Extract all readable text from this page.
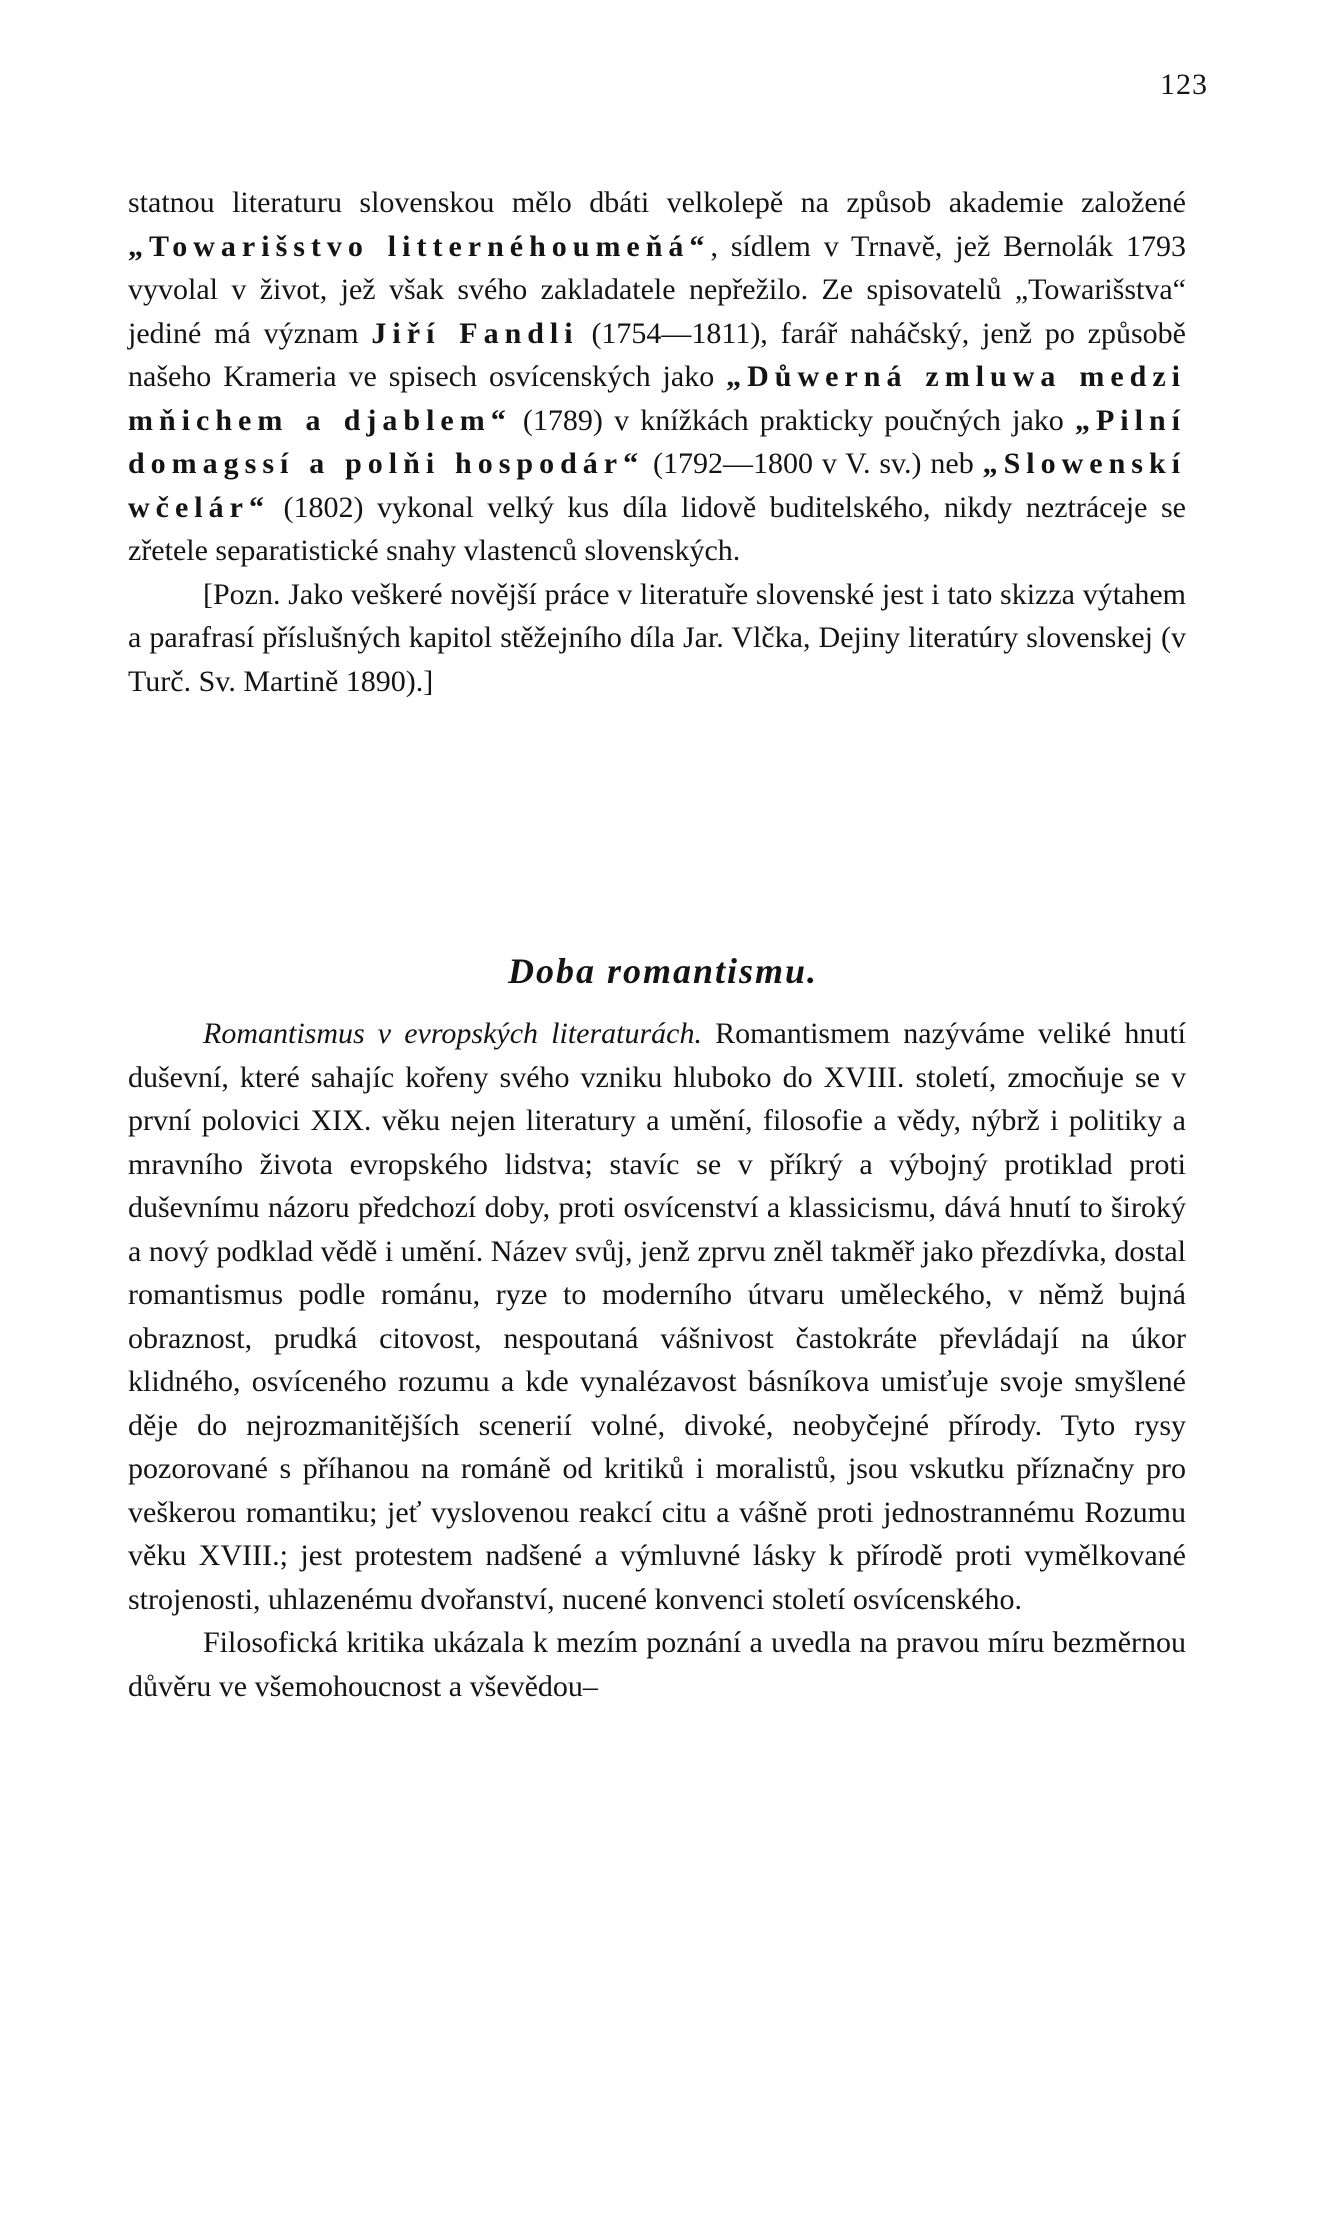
123

statnou literaturu slovenskou mělo dbáti velkolepě na způsob akademie založené „Towarišstvo litternéhoumeňá“, sídlem v Trnavě, jež Bernolák 1793 vyvolal v život, jež však svého zakladatele nepřežilo. Ze spisovatelů „Towarišstva“ jediné má význam Jiří Fandli (1754—1811), farář naháčský, jenž po způsobě našeho Krameria ve spisech osvícenských jako „Důwerná zmluwa medzi mňichem a djablem“ (1789) v knížkách prakticky poučných jako „Pilní domagssí a polňi hospodár“ (1792—1800 v V. sv.) neb „Slowenskí wčelár“ (1802) vykonal velký kus díla lidově buditelského, nikdy neztráceje se zřetele separatistické snahy vlastenců slovenských.

[Pozn. Jako veškeré novější práce v literatuře slovenské jest i tato skizza výtahem a parafrasí příslušných kapitol stěžejního díla Jar. Vlčka, Dejiny literatúry slovenskej (v Turč. Sv. Martině 1890).]

Doba romantismu.

Romantismus v evropských literaturách. Romantismem nazýváme veliké hnutí duševní, které sahajíc kořeny svého vzniku hluboko do XVIII. století, zmocňuje se v první polovici XIX. věku nejen literatury a umění, filosofie a vědy, nýbrž i politiky a mravního života evropského lidstva; stavíc se v příkrý a výbojný protiklad proti duševnímu názoru předchozí doby, proti osvícenství a klassicismu, dává hnutí to široký a nový podklad vědě i umění. Název svůj, jenž zprvu zněl takměř jako přezdívka, dostal romantismus podle románu, ryze to moderního útvaru uměleckého, v němž bujná obraznost, prudká citovost, nespoutaná vášnivost častokráte převládají na úkor klidného, osvíceného rozumu a kde vynalézavost básníkova umisťuje svoje smyšlené děje do nejrozmanitějších scenerií volné, divoké, neobyčejné přírody. Tyto rysy pozorované s příhanou na románě od kritiků i moralistů, jsou vskutku příznačny pro veškerou romantiku; jeť vyslovenou reakcí citu a vášně proti jednostrannému Rozumu věku XVIII.; jest protestem nadšené a výmluvné lásky k přírodě proti vymělkované strojenosti, uhlazenému dvořanství, nucené konvenci století osvícenského.

Filosofická kritika ukázala k mezím poznání a uvedla na pravou míru bezměrnou důvěru ve všemohoucnost a vševědou–
